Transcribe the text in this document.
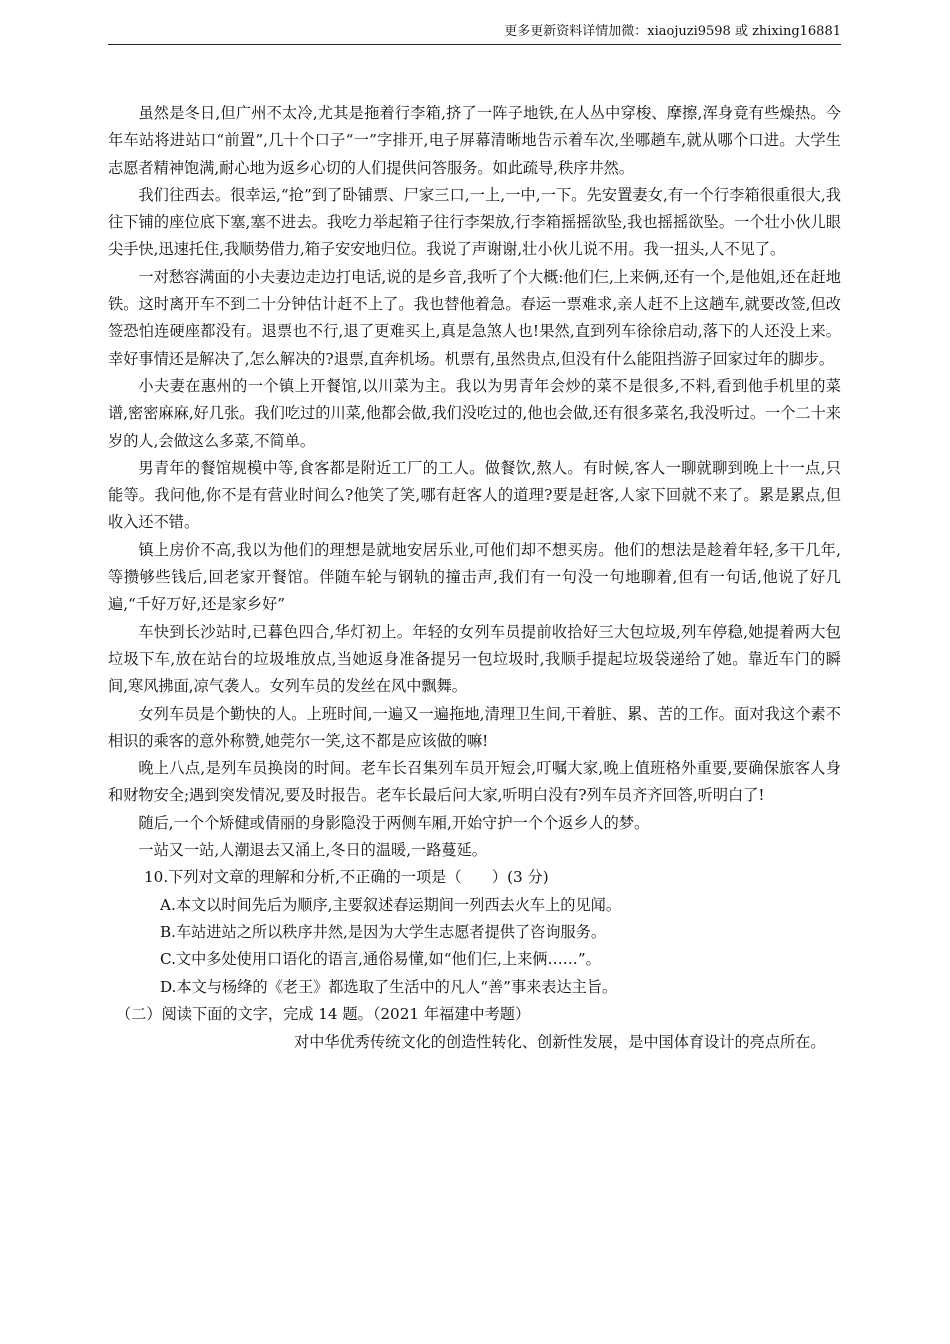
更多更新资料详情加微：xiaojuzi9598 或 zhixing16881

虽然是冬日,但广州不太冷,尤其是拖着行李箱,挤了一阵子地铁,在人丛中穿梭、摩擦,浑身竟有些燥热。今年车站将进站口“前置”,几十个口子“一”字排开,电子屏幕清晰地告示着车次,坐哪趟车,就从哪个口进。大学生志愿者精神饱满,耐心地为返乡心切的人们提供问答服务。如此疏导,秩序井然。

我们往西去。很幸运,“抢”到了卧铺票、尸家三口,一上,一中,一下。先安置妻女,有一个行李箱很重很大,我往下铺的座位底下塞,塞不进去。我吃力举起箱子往行李架放,行李箱摇摇欲坠,我也摇摇欲坠。一个壮小伙儿眼尖手快,迅速托住,我顺势借力,箱子安安地归位。我说了声谢谢,壮小伙儿说不用。我一扭头,人不见了。

一对愁容满面的小夫妻边走边打电话,说的是乡音,我听了个大概:他们仨,上来俩,还有一个,是他姐,还在赶地铁。这时离开车不到二十分钟估计赶不上了。我也替他着急。春运一票难求,亲人赶不上这趟车,就要改签,但改签恐怕连硬座都没有。退票也不行,退了更难买上,真是急煞人也!果然,直到列车徐徐启动,落下的人还没上来。幸好事情还是解决了,怎么解决的?退票,直奔机场。机票有,虽然贵点,但没有什么能阻挡游子回家过年的脚步。

小夫妻在惠州的一个镇上开餐馆,以川菜为主。我以为男青年会炒的菜不是很多,不料,看到他手机里的菜谱,密密麻麻,好几张。我们吃过的川菜,他都会做,我们没吃过的,他也会做,还有很多菜名,我没听过。一个二十来岁的人,会做这么多菜,不简单。

男青年的餐馆规模中等,食客都是附近工厂的工人。做餐饮,熬人。有时候,客人一聊就聊到晚上十一点,只能等。我问他,你不是有营业时间么?他笑了笑,哪有赶客人的道理?要是赶客,人家下回就不来了。累是累点,但收入还不错。

镇上房价不高,我以为他们的理想是就地安居乐业,可他们却不想买房。他们的想法是趁着年轻,多干几年,等攒够些钱后,回老家开餐馆。伴随车轮与钢轨的撞击声,我们有一句没一句地聊着,但有一句话,他说了好几遍,“千好万好,还是家乡好”

车快到长沙站时,已暮色四合,华灯初上。年轻的女列车员提前收拾好三大包垃圾,列车停稳,她提着两大包垃圾下车,放在站台的垃圾堆放点,当她返身准备提另一包垃圾时,我顺手提起垃圾袋递给了她。靠近车门的瞬间,寒风拂面,凉气袭人。女列车员的发丝在风中飘舞。

女列车员是个勤快的人。上班时间,一遍又一遍拖地,清理卫生间,干着脏、累、苦的工作。面对我这个素不相识的乘客的意外称赞,她莞尔一笑,这不都是应该做的嘛!

晚上八点,是列车员换岗的时间。老车长召集列车员开短会,叮嘱大家,晚上值班格外重要,要确保旅客人身和财物安全;遇到突发情况,要及时报告。老车长最后问大家,听明白没有?列车员齐齐回答,听明白了!

随后,一个个矫健或倩丽的身影隐没于两侧车厢,开始守护一个个返乡人的梦。

一站又一站,人潮退去又涌上,冬日的温暖,一路蔓延。

10.下列对文章的理解和分析,不正确的一项是（　　）(3 分)

A.本文以时间先后为顺序,主要叙述春运期间一列西去火车上的见闻。

B.车站进站之所以秩序井然,是因为大学生志愿者提供了咨询服务。

C.文中多处使用口语化的语言,通俗易懂,如“他们仨,上来俩……”。

D.本文与杨绛的《老王》都选取了生活中的凡人“善”事来表达主旨。

（二）阅读下面的文字，完成 14 题。（2021 年福建中考题）

对中华优秀传统文化的创造性转化、创新性发展，是中国体育设计的亮点所在。
